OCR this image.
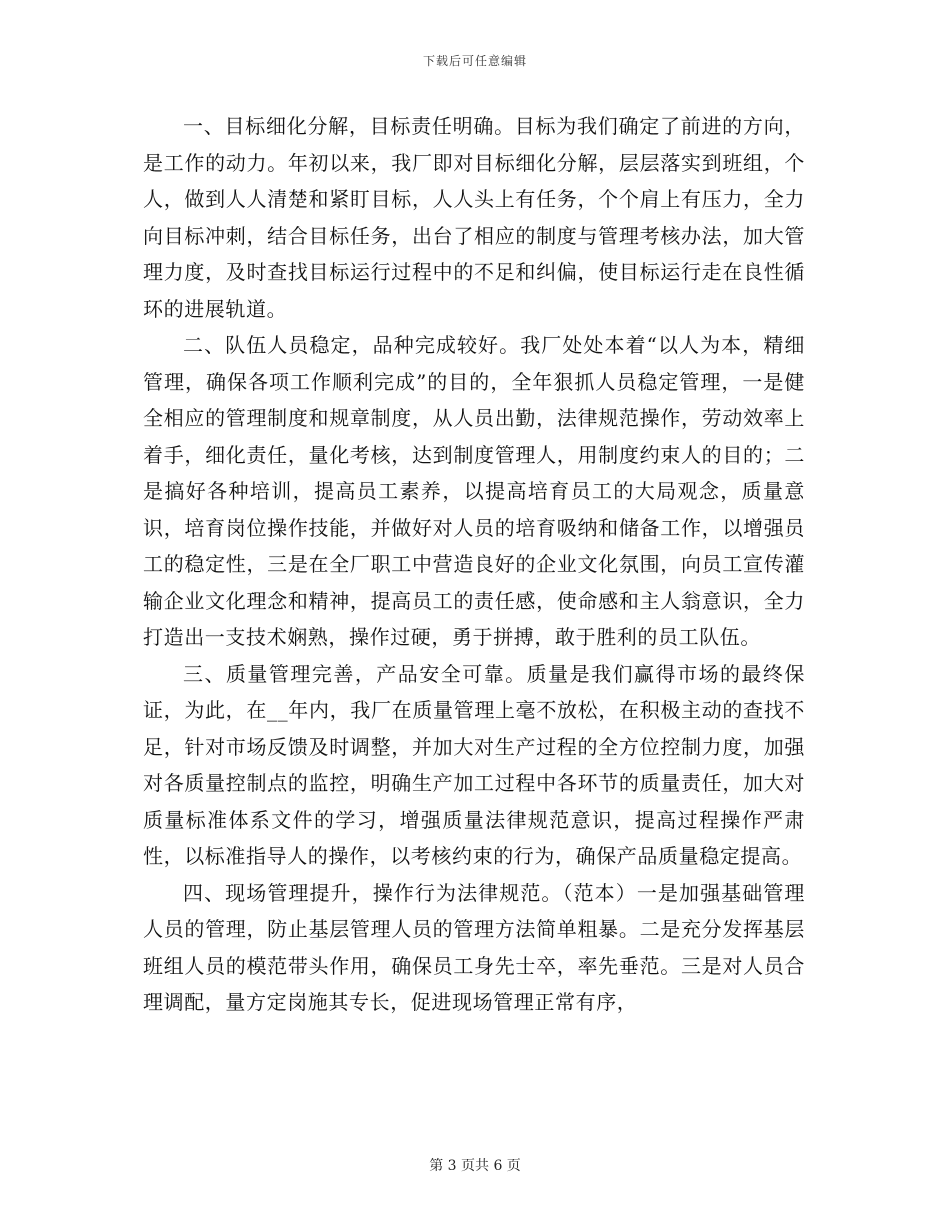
下载后可任意编辑

一、目标细化分解，目标责任明确。目标为我们确定了前进的方向，是工作的动力。年初以来，我厂即对目标细化分解，层层落实到班组，个人，做到人人清楚和紧盯目标，人人头上有任务，个个肩上有压力，全力向目标冲刺，结合目标任务，出台了相应的制度与管理考核办法，加大管理力度，及时查找目标运行过程中的不足和纠偏，使目标运行走在良性循环的进展轨道。

二、队伍人员稳定，品种完成较好。我厂处处本着“以人为本，精细管理，确保各项工作顺利完成”的目的，全年狠抓人员稳定管理，一是健全相应的管理制度和规章制度，从人员出勤，法律规范操作，劳动效率上着手，细化责任，量化考核，达到制度管理人，用制度约束人的目的；二是搞好各种培训，提高员工素养，以提高培育员工的大局观念，质量意识，培育岗位操作技能，并做好对人员的培育吸纳和储备工作，以增强员工的稳定性，三是在全厂职工中营造良好的企业文化氛围，向员工宣传灌输企业文化理念和精神，提高员工的责任感，使命感和主人翁意识，全力打造出一支技术娴熟，操作过硬，勇于拼搏，敢于胜利的员工队伍。

三、质量管理完善，产品安全可靠。质量是我们赢得市场的最终保证，为此，在__年内，我厂在质量管理上毫不放松，在积极主动的查找不足，针对市场反馈及时调整，并加大对生产过程的全方位控制力度，加强对各质量控制点的监控，明确生产加工过程中各环节的质量责任，加大对质量标准体系文件的学习，增强质量法律规范意识，提高过程操作严肃性，以标准指导人的操作，以考核约束的行为，确保产品质量稳定提高。

四、现场管理提升，操作行为法律规范。（范本）一是加强基础管理人员的管理，防止基层管理人员的管理方法简单粗暴。二是充分发挥基层班组人员的模范带头作用，确保员工身先士卒，率先垂范。三是对人员合理调配，量方定岗施其专长，促进现场管理正常有序，

第 3 页共 6 页
